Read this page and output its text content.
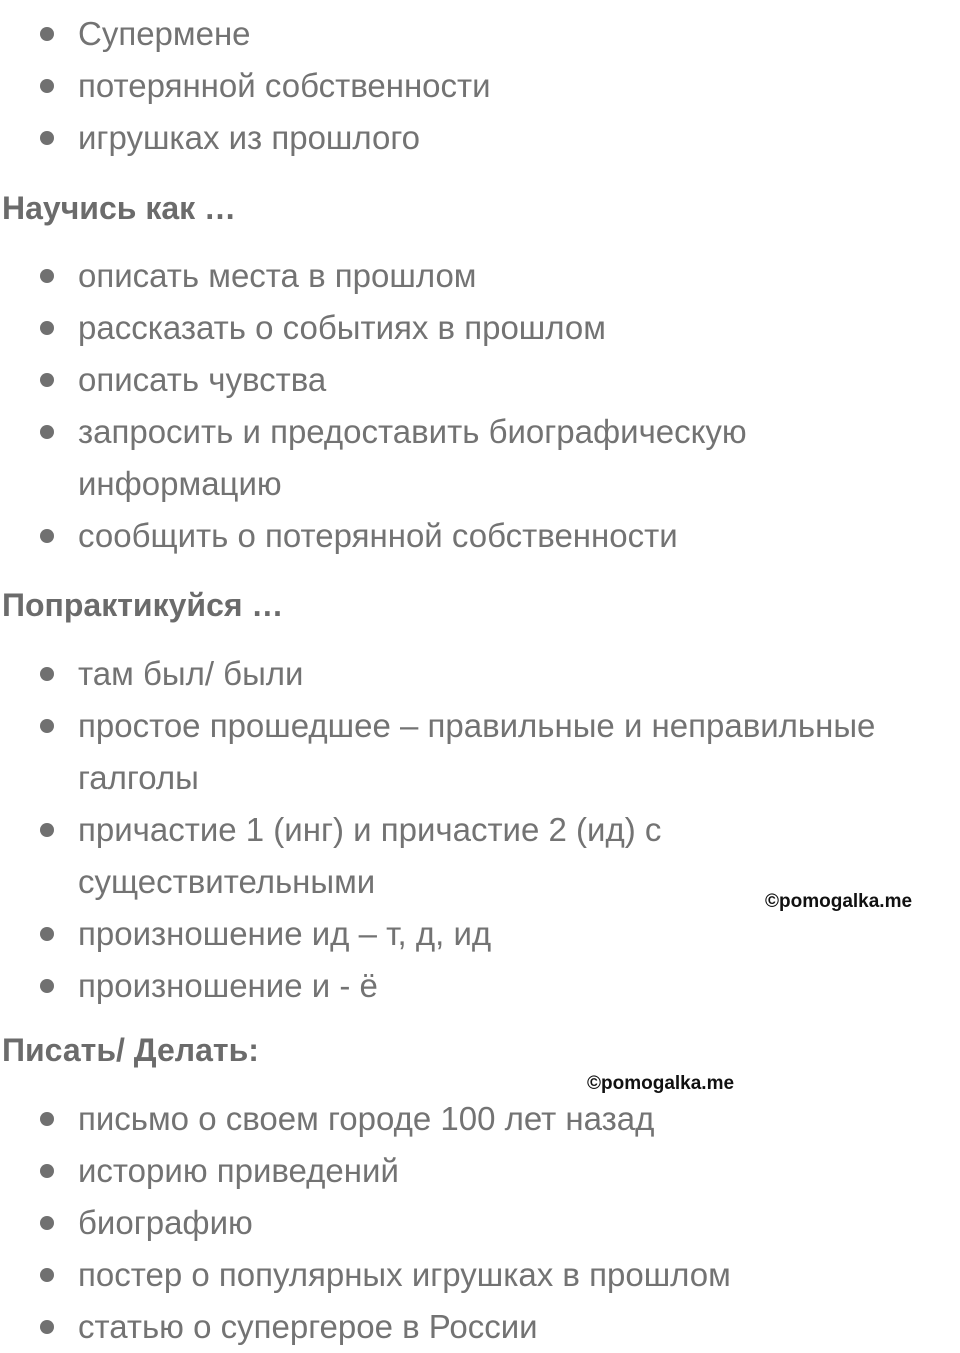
Супермене
потерянной собственности
игрушках из прошлого
Научись как …
описать места в прошлом
рассказать о событиях в прошлом
описать чувства
запросить и предоставить биографическую информацию
сообщить о потерянной собственности
Попрактикуйся …
там был/ были
простое прошедшее – правильные и неправильные галголы
причастие 1 (инг) и причастие 2 (ид) с существительными
произношение ид – т, д, ид
произношение и - ё
Писать/ Делать:
письмо о своем городе 100 лет назад
историю приведений
биографию
постер о популярных игрушках в прошлом
статью о супергерое в России
©pomogalka.me
©pomogalka.me
